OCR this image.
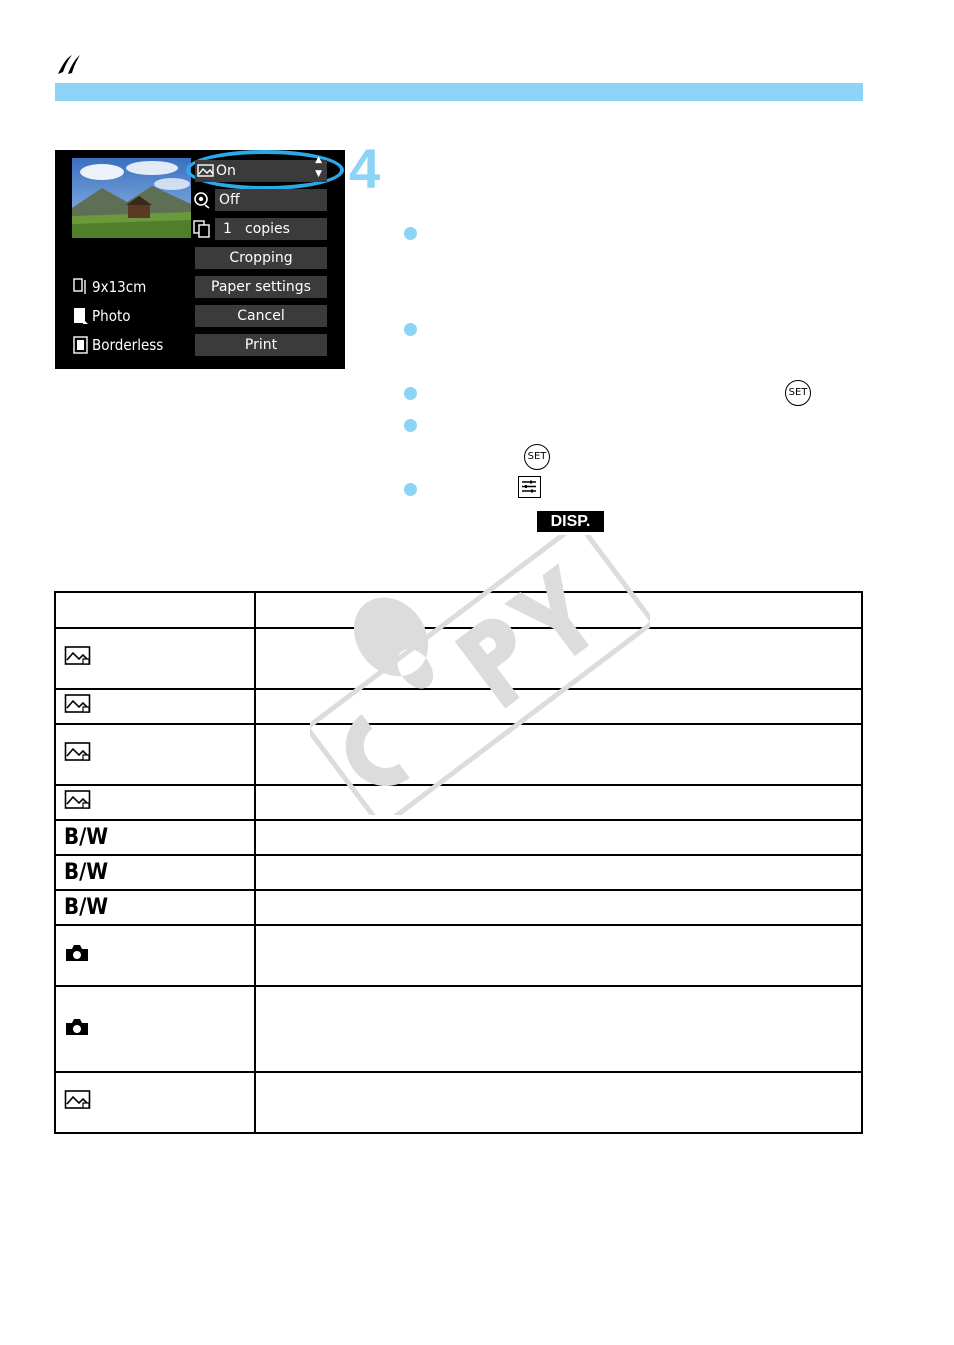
On
▲
▼
Off
1 copies
Cropping
Paper settings
Cancel
Print
9x13cm
Photo
Borderless
4
SET
SET
DISP.

B/W	
B/W	
B/W	
